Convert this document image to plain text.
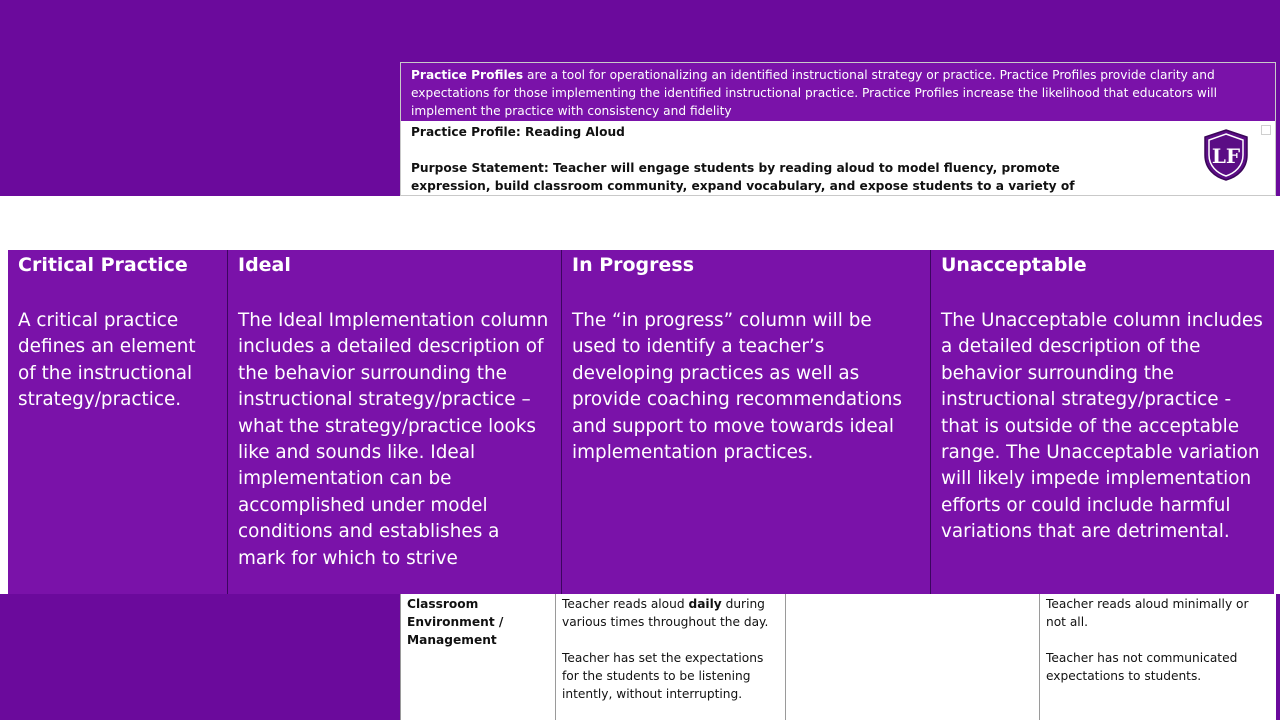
Practice Profiles are a tool for operationalizing an identified instructional strategy or practice. Practice Profiles provide clarity and expectations for those implementing the identified instructional practice. Practice Profiles increase the likelihood that educators will implement the practice with consistency and fidelity
Practice Profile: Reading Aloud
Purpose Statement: Teacher will engage students by reading aloud to model fluency, promote expression, build classroom community, expand vocabulary, and expose students to a variety of
LF
Critical Practice

A critical practice defines an element of the instructional strategy/practice.

Ideal

The Ideal Implementation column includes a detailed description of the behavior surrounding the instructional strategy/practice – what the strategy/practice looks like and sounds like. Ideal implementation can be accomplished under model conditions and establishes a mark for which to strive

In Progress

The “in progress” column will be used to identify a teacher’s developing practices as well as provide coaching recommendations and support to move towards ideal implementation practices.

Unacceptable

The Unacceptable column includes a detailed description of the behavior surrounding the instructional strategy/practice - that is outside of the acceptable range. The Unacceptable variation will likely impede implementation efforts or could include harmful variations that are detrimental.

Classroom Environment / Management

Teacher reads aloud daily during various times throughout the day.

Teacher has set the expectations for the students to be listening intently, without interrupting.

Teacher reads aloud minimally or not all.

Teacher has not communicated expectations to students.
